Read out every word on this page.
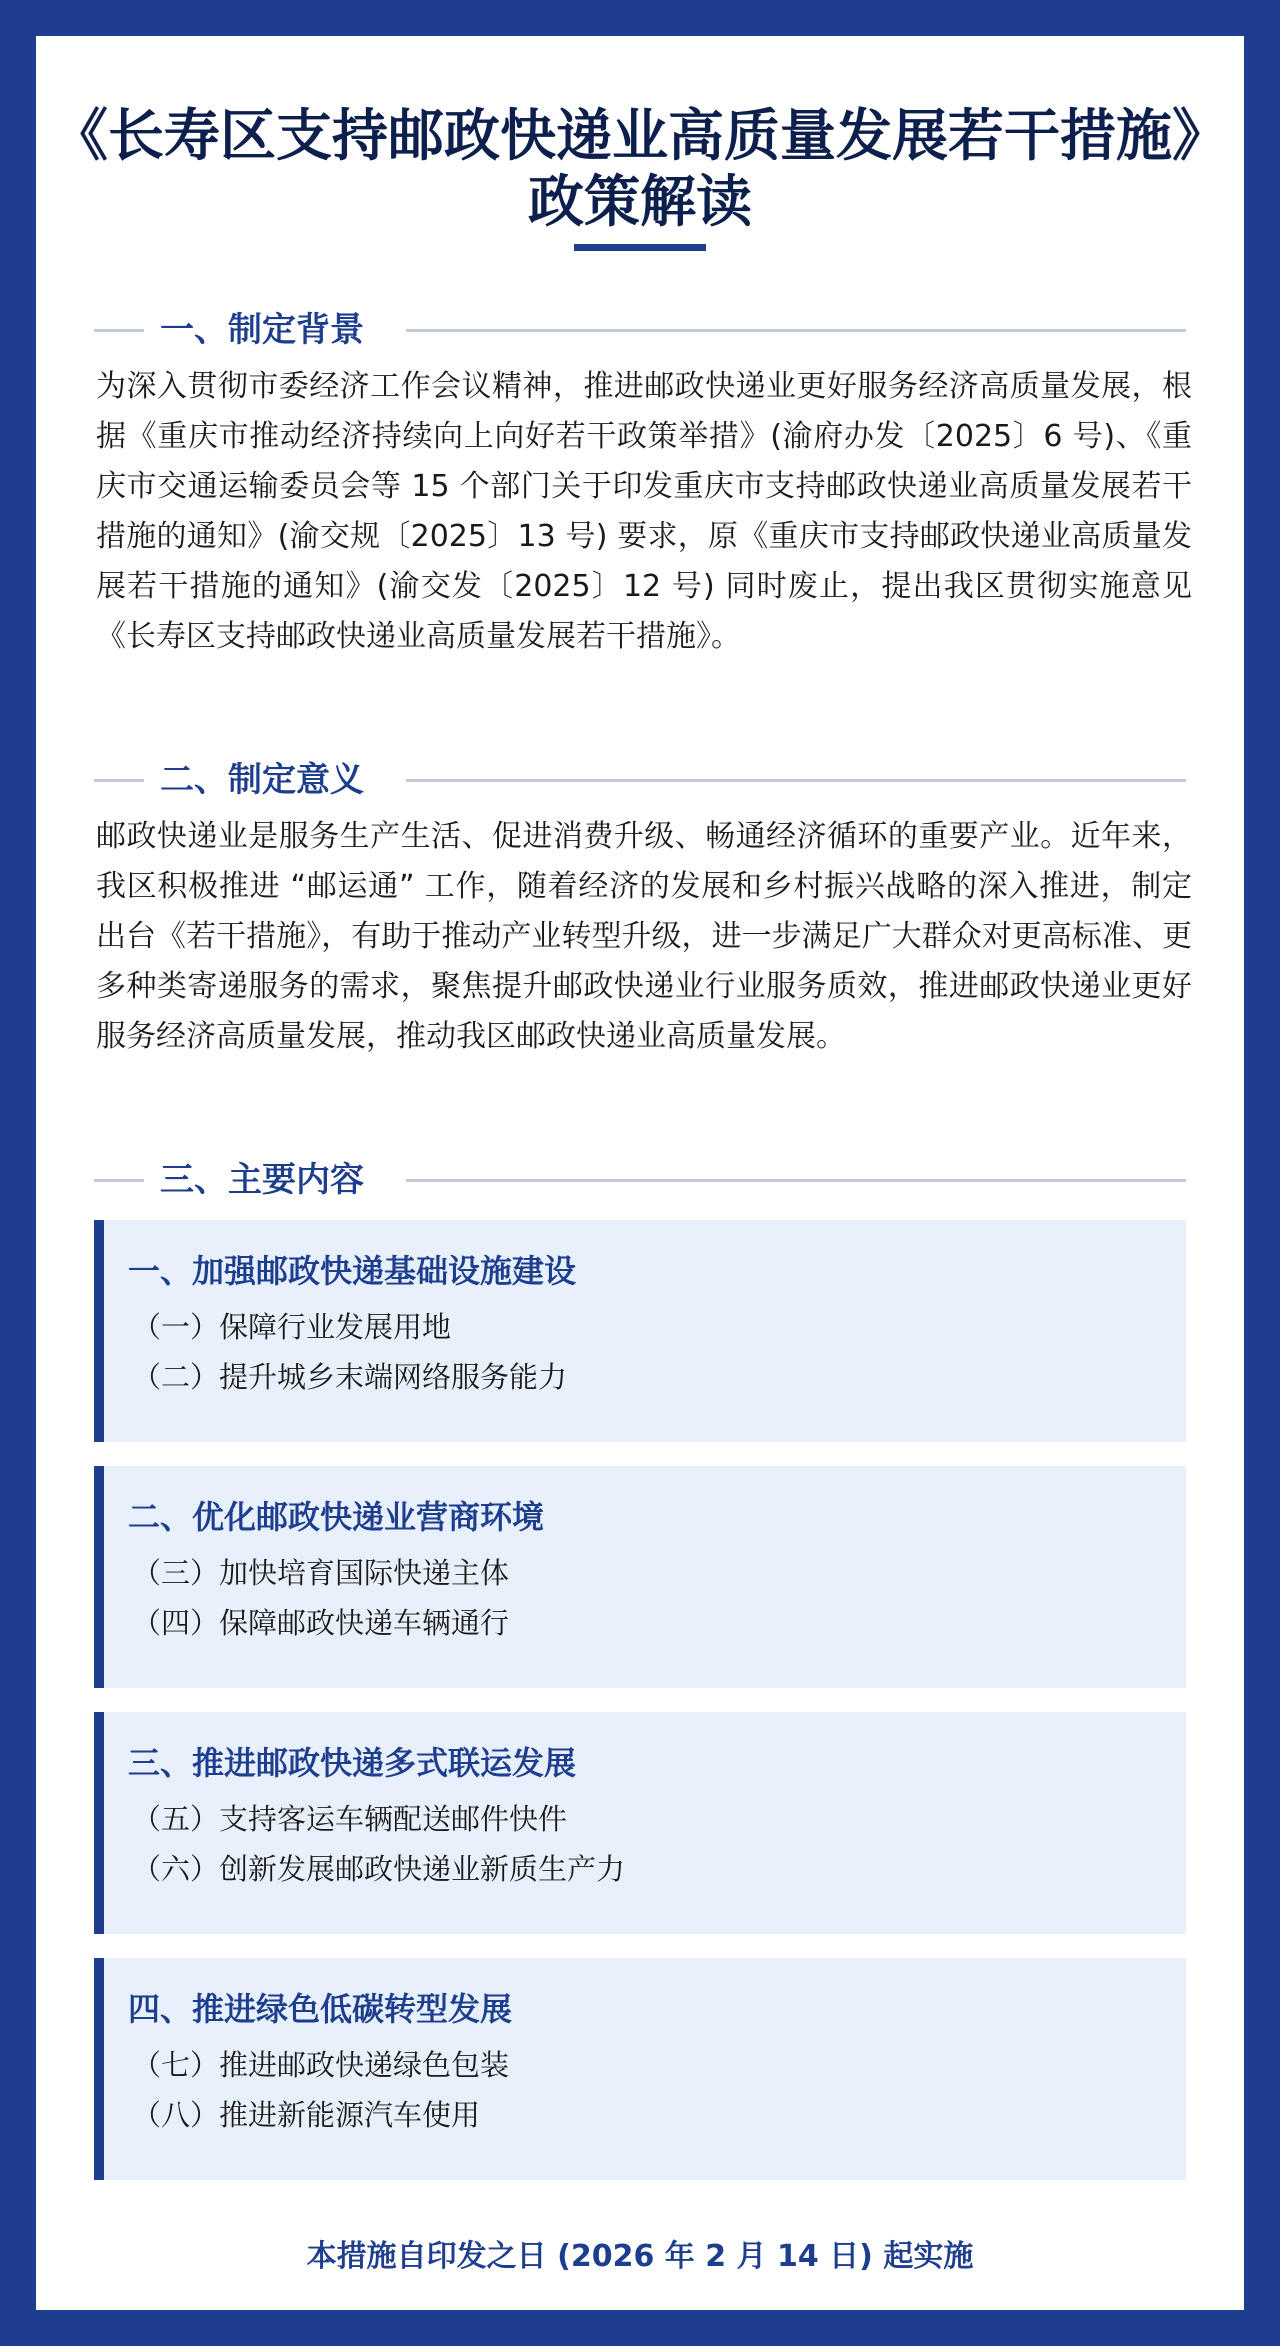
《长寿区支持邮政快递业高质量发展若干措施》
政策解读
一、制定背景
为深入贯彻市委经济工作会议精神，推进邮政快递业更好服务经济高质量发展，根据《重庆市推动经济持续向上向好若干政策举措》(渝府办发〔2025〕6 号)、《重庆市交通运输委员会等 15 个部门关于印发重庆市支持邮政快递业高质量发展若干措施的通知》(渝交规〔2025〕13 号) 要求，原《重庆市支持邮政快递业高质量发展若干措施的通知》(渝交发〔2025〕12 号) 同时废止，提出我区贯彻实施意见《长寿区支持邮政快递业高质量发展若干措施》。
二、制定意义
邮政快递业是服务生产生活、促进消费升级、畅通经济循环的重要产业。近年来，我区积极推进 “邮运通” 工作，随着经济的发展和乡村振兴战略的深入推进，制定出台《若干措施》，有助于推动产业转型升级，进一步满足广大群众对更高标准、更多种类寄递服务的需求，聚焦提升邮政快递业行业服务质效，推进邮政快递业更好服务经济高质量发展，推动我区邮政快递业高质量发展。
三、主要内容
一、加强邮政快递基础设施建设
（一）保障行业发展用地
（二）提升城乡末端网络服务能力
二、优化邮政快递业营商环境
（三）加快培育国际快递主体
（四）保障邮政快递车辆通行
三、推进邮政快递多式联运发展
（五）支持客运车辆配送邮件快件
（六）创新发展邮政快递业新质生产力
四、推进绿色低碳转型发展
（七）推进邮政快递绿色包装
（八）推进新能源汽车使用
本措施自印发之日 (2026 年 2 月 14 日) 起实施
